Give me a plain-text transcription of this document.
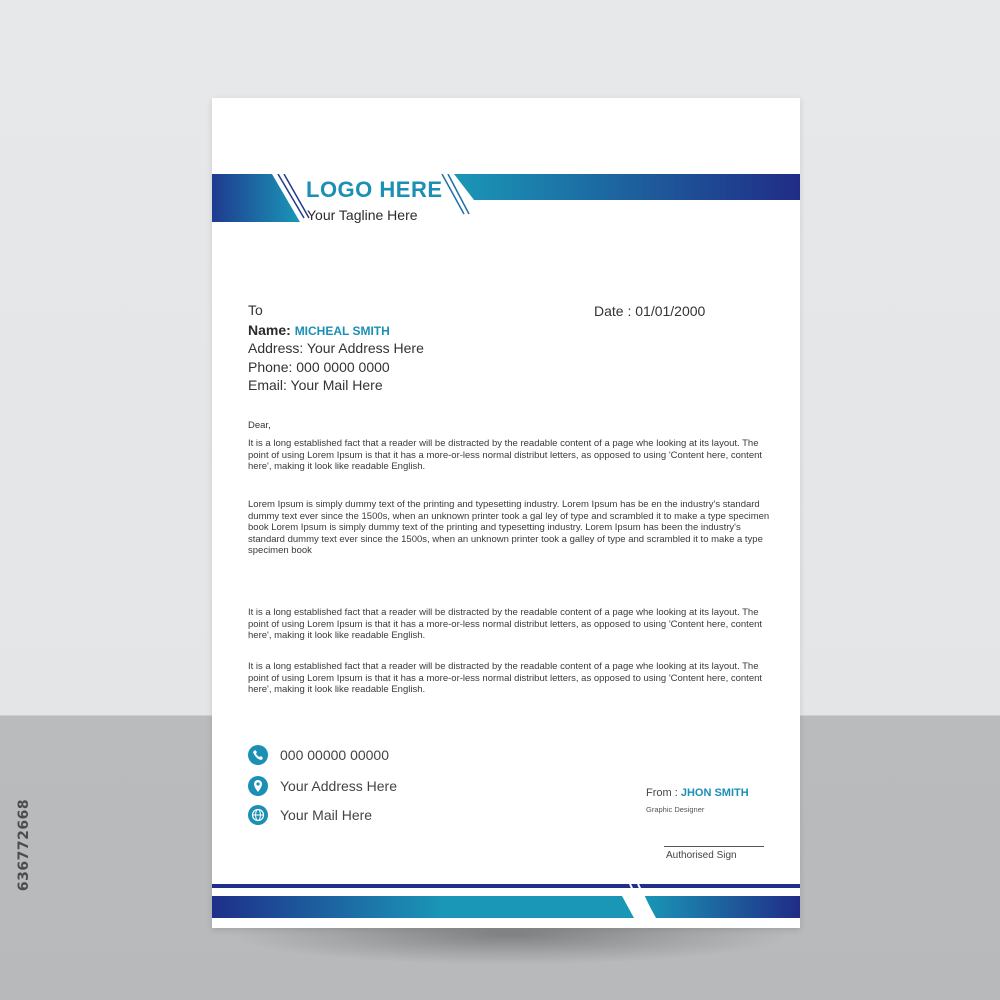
636772668
LOGO HERE
Your Tagline Here
To	Date : 01/01/2000
Name: MICHEAL SMITH
Address: Your Address Here
Phone: 000 0000 0000
Email: Your Mail Here
Dear,

It is a long established fact that a reader will be distracted by the readable content of a page whe looking at its layout. The point of using Lorem Ipsum is that it has a more-or-less normal distribut letters, as opposed to using 'Content here, content here', making it look like readable English.

Lorem Ipsum is simply dummy text of the printing and typesetting industry. Lorem Ipsum has be en the industry's standard dummy text ever since the 1500s, when an unknown printer took a gal ley of type and scrambled it to make a type specimen book Lorem Ipsum is simply dummy text of the printing and typesetting industry. Lorem Ipsum has been the industry's standard dummy text ever since the 1500s, when an unknown printer took a galley of type and scrambled it to make a type specimen book

It is a long established fact that a reader will be distracted by the readable content of a page whe looking at its layout. The point of using Lorem Ipsum is that it has a more-or-less normal distribut letters, as opposed to using 'Content here, content here', making it look like readable English.

It is a long established fact that a reader will be distracted by the readable content of a page whe looking at its layout. The point of using Lorem Ipsum is that it has a more-or-less normal distribut letters, as opposed to using 'Content here, content here', making it look like readable English.

000 00000 00000
Your Address Here
Your Mail Here
From : JHON SMITH
Graphic Designer
Authorised Sign
